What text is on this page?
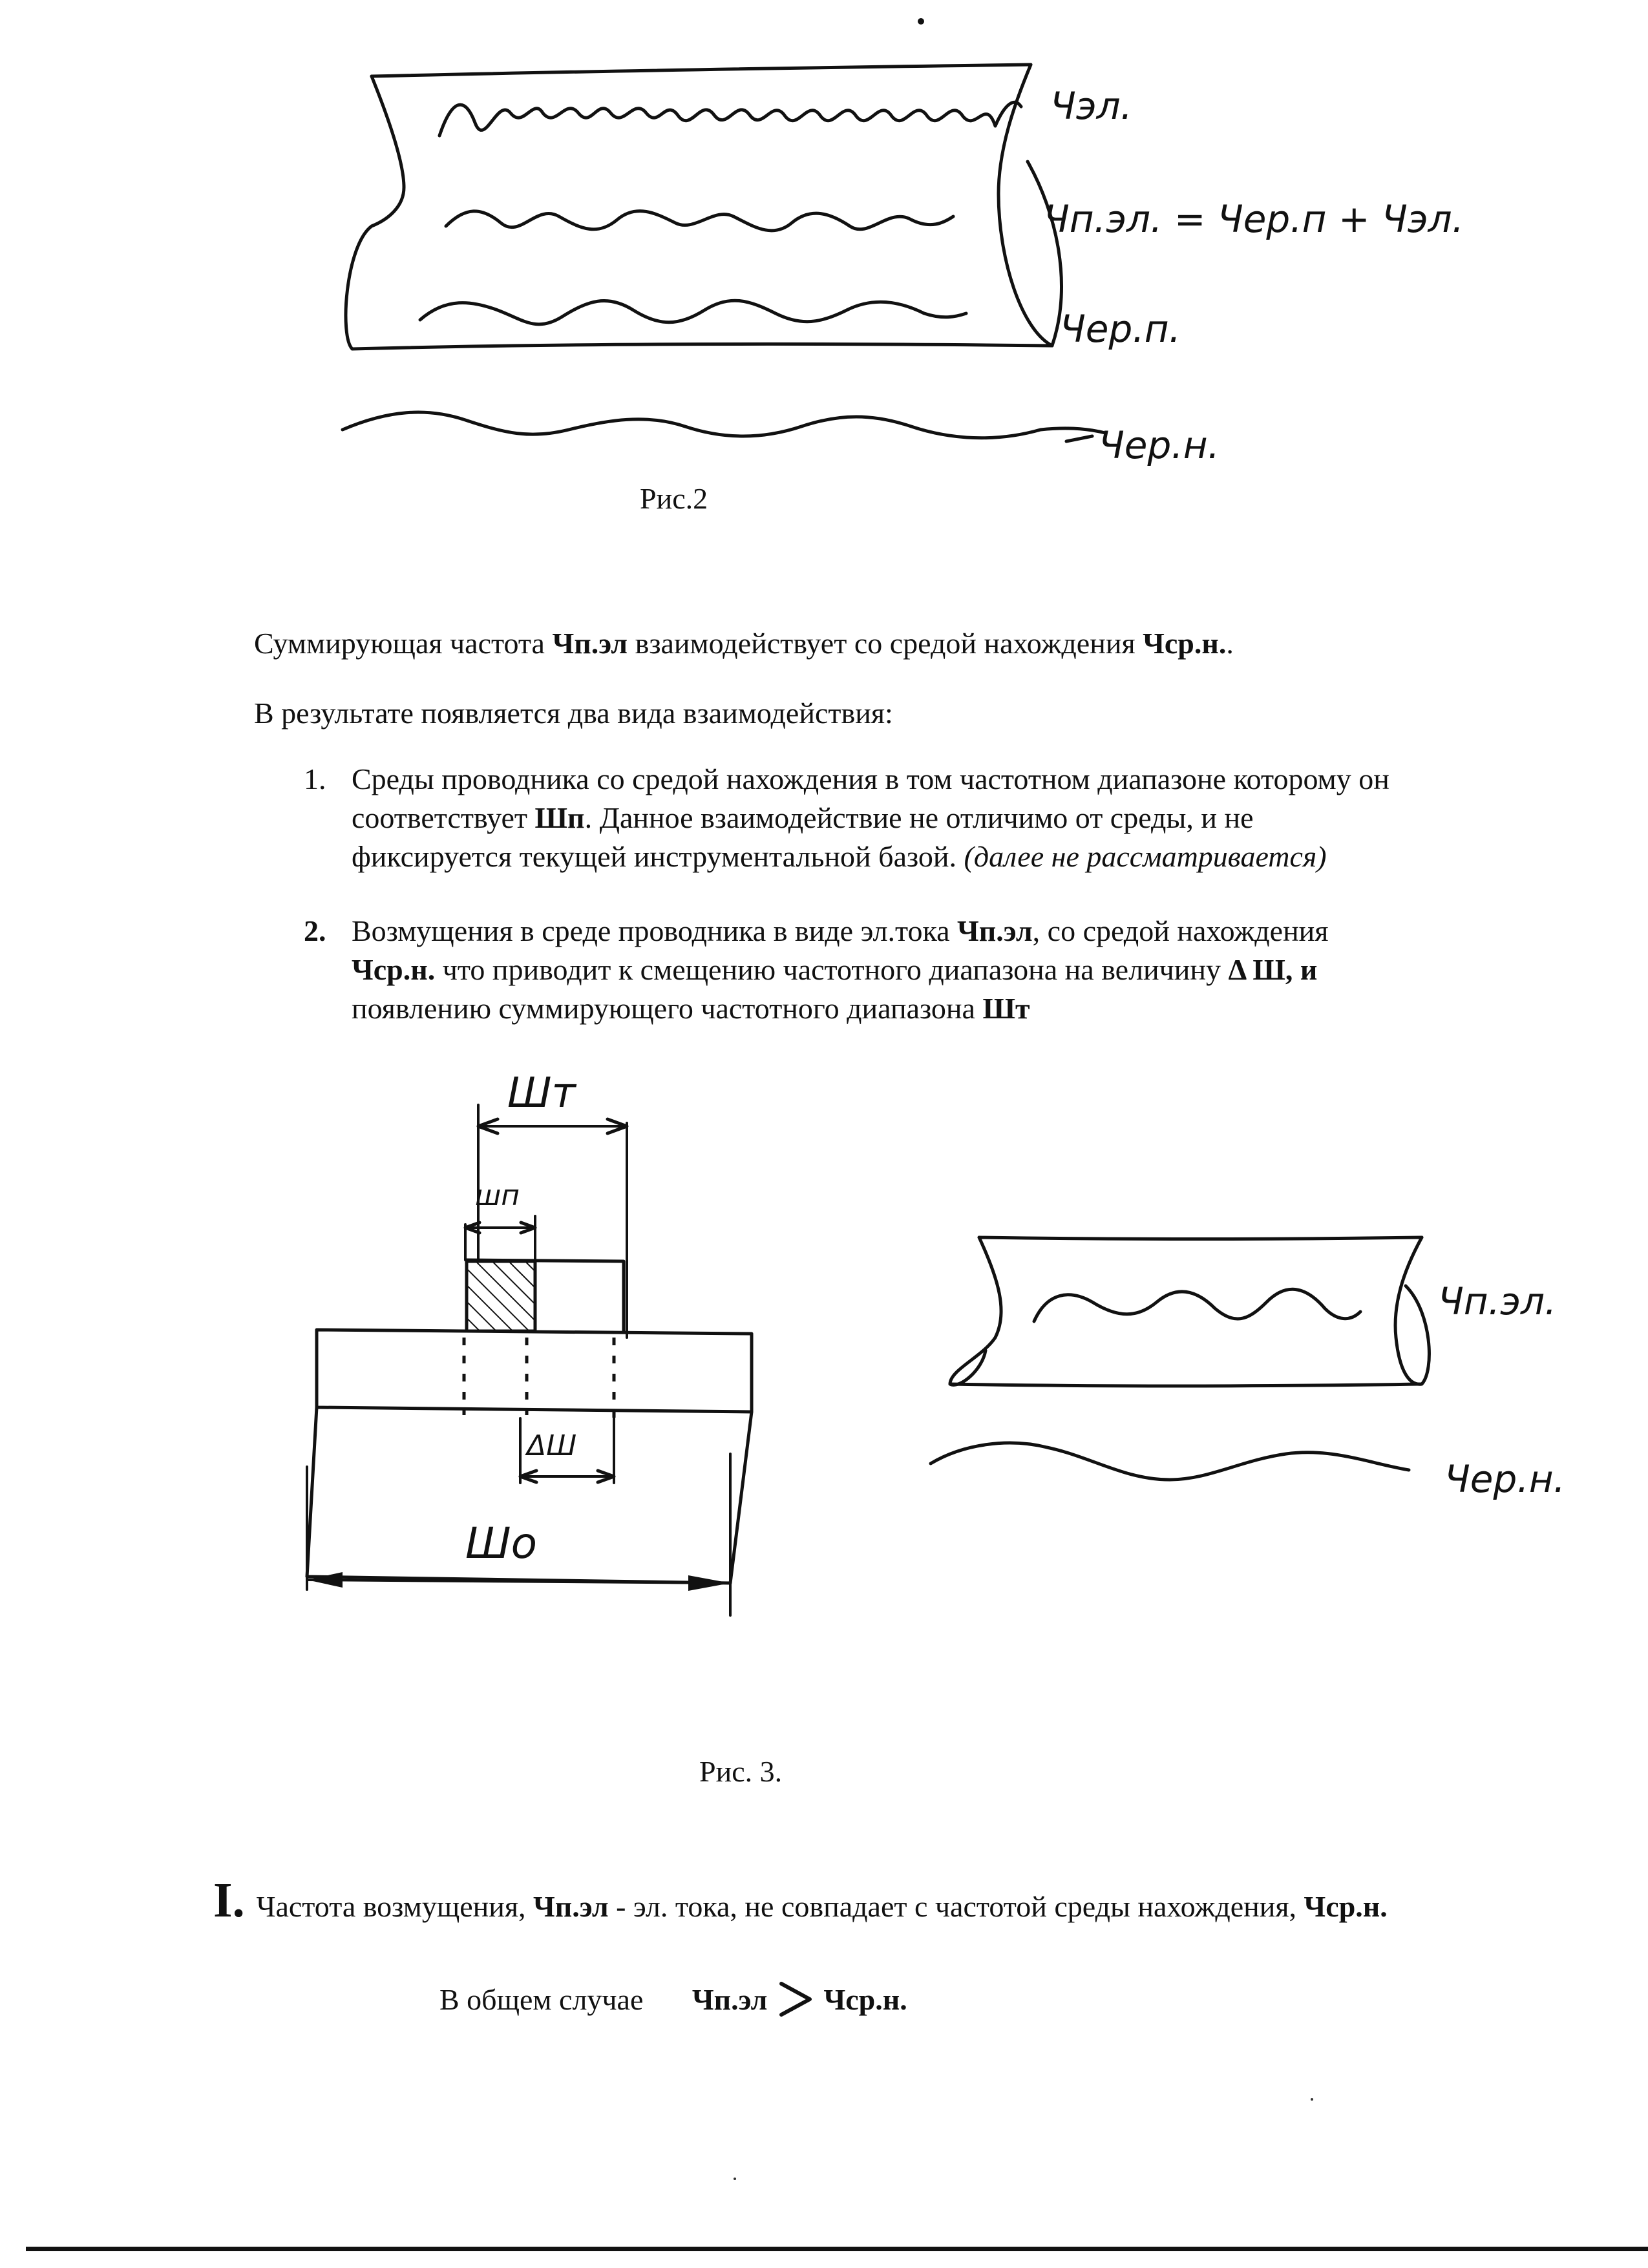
Чэл.
Чп.эл. = Чер.п + Чэл.
Чер.п.
Чер.н.
Рис.2
Суммирующая частота Чп.эл взаимодействует со средой нахождения Чср.н..
В результате появляется два вида взаимодействия:
1. Среды проводника со средой нахождения в том частотном диапазоне которому он
соответствует Шп. Данное взаимодействие не отличимо от среды, и не
фиксируется текущей инструментальной базой. (далее не рассматривается)
2. Возмущения в среде проводника в виде эл.тока Чп.эл, со средой нахождения
Чср.н. что приводит к смещению частотного диапазона на величину Δ Ш, и
появлению суммирующего частотного диапазона Шт
Шт
шп
ΔШ
Шо
Чп.эл.
Чер.н.
Рис. 3.
I. Частота возмущения, Чп.эл - эл. тока, не совпадает с частотой среды нахождения, Чср.н.
В общем случае Чп.эл Чср.н.
